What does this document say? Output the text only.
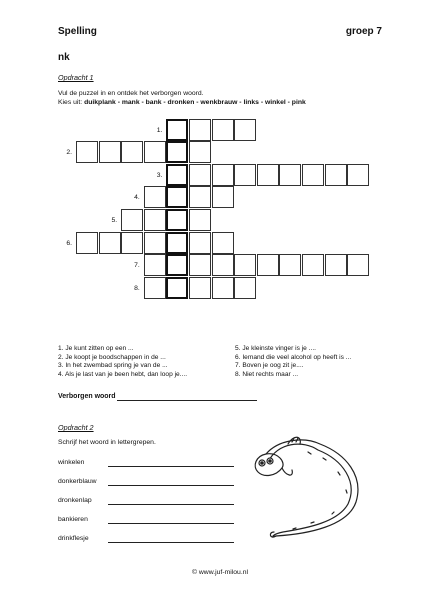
Spelling	groep 7
nk
Opdracht 1
Vul de puzzel in en ontdek het verborgen woord.
Kies uit: duikplank - mank - bank - dronken - wenkbrauw - links - winkel - pink
1.
2.
3.
4.
5.
6.
7.
8.
1. Je kunt zitten op een ...
2. Je koopt je boodschappen in de ...
3. In het zwembad spring je van de ...
4. Als je last van je been hebt, dan loop je....
5. Je kleinste vinger is je ....
6. Iemand die veel alcohol op heeft is ...
7. Boven je oog zit je....
8. Niet rechts maar ...
Verborgen woord
Opdracht 2
Schrijf het woord in lettergrepen.
winkelen
donkerblauw
dronkenlap
bankieren
drinkflesje
© www.juf-milou.nl
